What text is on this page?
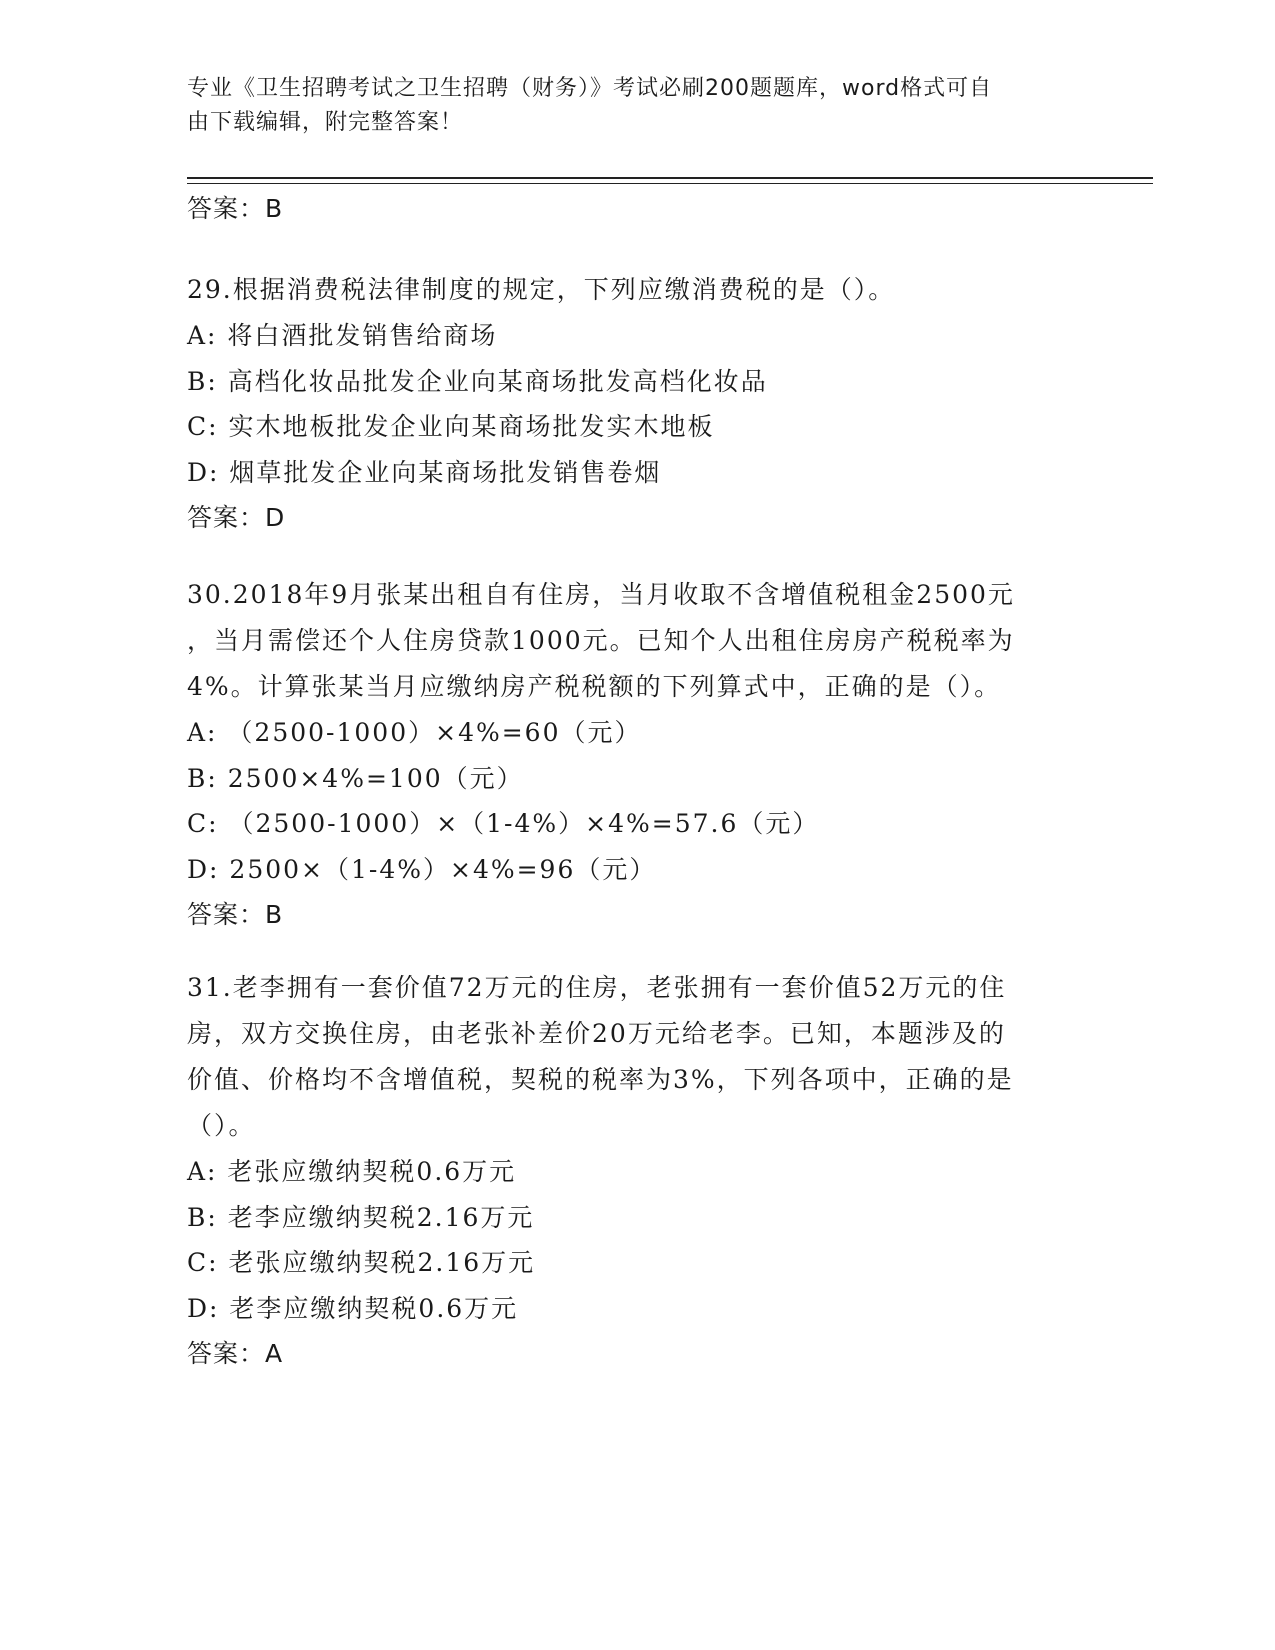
专业《卫生招聘考试之卫生招聘（财务）》考试必刷200题题库，word格式可自
由下载编辑，附完整答案！
答案：B
29.根据消费税法律制度的规定，下列应缴消费税的是（）。
A: 将白酒批发销售给商场
B: 高档化妆品批发企业向某商场批发高档化妆品
C: 实木地板批发企业向某商场批发实木地板
D: 烟草批发企业向某商场批发销售卷烟
答案：D
30.2018年9月张某出租自有住房，当月收取不含增值税租金2500元
，当月需偿还个人住房贷款1000元。已知个人出租住房房产税税率为
4%。计算张某当月应缴纳房产税税额的下列算式中，正确的是（）。
A: （2500-1000）×4%=60（元）
B: 2500×4%=100（元）
C: （2500-1000）×（1-4%）×4%=57.6（元）
D: 2500×（1-4%）×4%=96（元）
答案：B
31.老李拥有一套价值72万元的住房，老张拥有一套价值52万元的住
房，双方交换住房，由老张补差价20万元给老李。已知，本题涉及的
价值、价格均不含增值税，契税的税率为3%，下列各项中，正确的是
（）。
A: 老张应缴纳契税0.6万元
B: 老李应缴纳契税2.16万元
C: 老张应缴纳契税2.16万元
D: 老李应缴纳契税0.6万元
答案：A
